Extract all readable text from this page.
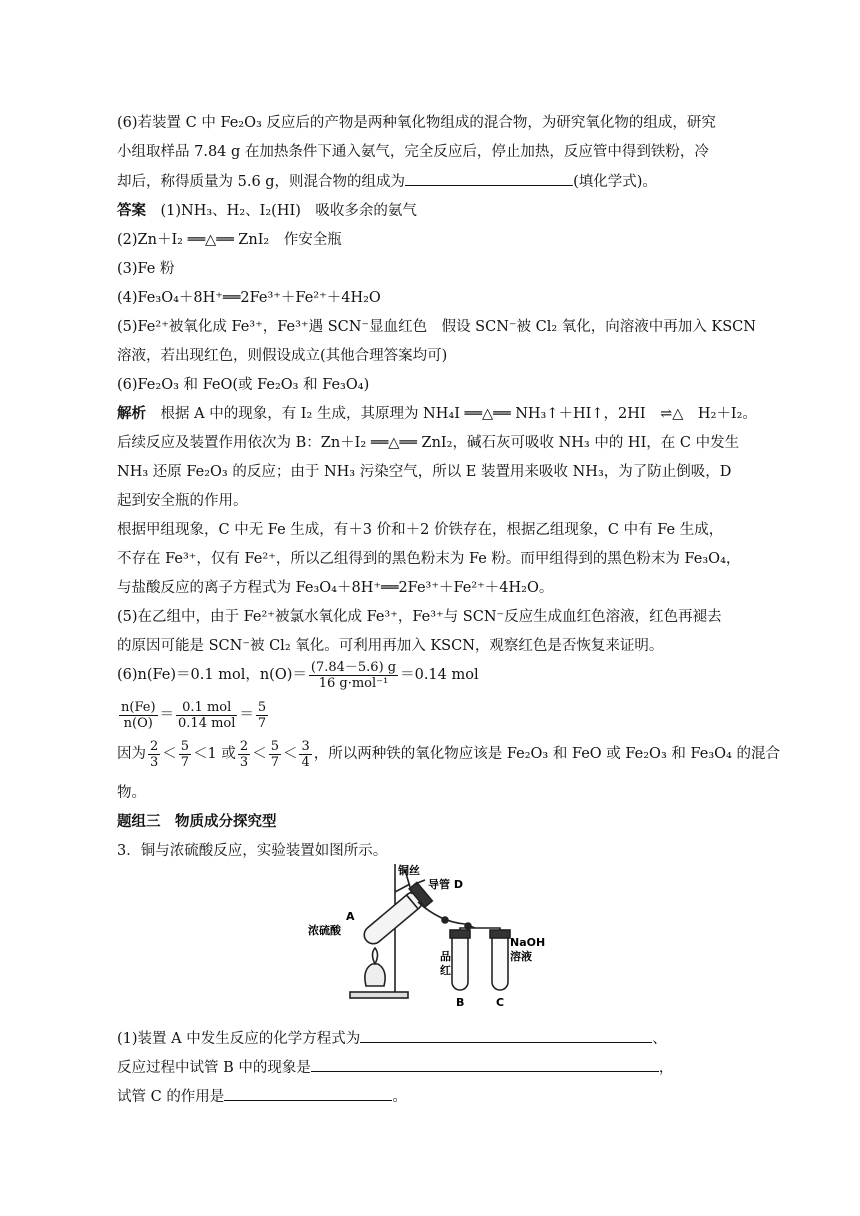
(6)若装置 C 中 Fe₂O₃ 反应后的产物是两种氧化物组成的混合物，为研究氧化物的组成，研究
小组取样品 7.84 g 在加热条件下通入氨气，完全反应后，停止加热，反应管中得到铁粉，冷
却后，称得质量为 5.6 g，则混合物的组成为	(填化学式)。
答案　 (1)NH₃、H₂、I₂(HI)　吸收多余的氨气
(2)Zn＋I₂ ══△══ ZnI₂　作安全瓶
(3)Fe 粉
(4)Fe₃O₄＋8H⁺══2Fe³⁺＋Fe²⁺＋4H₂O
(5)Fe²⁺被氧化成 Fe³⁺，Fe³⁺遇 SCN⁻显血红色　假设 SCN⁻被 Cl₂ 氧化，向溶液中再加入 KSCN
溶液，若出现红色，则假设成立(其他合理答案均可)
(6)Fe₂O₃ 和 FeO(或 Fe₂O₃ 和 Fe₃O₄)
解析　 根据 A 中的现象，有 I₂ 生成，其原理为 NH₄I ══△══ NH₃↑＋HI↑，2HI　⇌△　H₂＋I₂。
后续反应及装置作用依次为 B：Zn＋I₂ ══△══ ZnI₂，碱石灰可吸收 NH₃ 中的 HI，在 C 中发生
NH₃ 还原 Fe₂O₃ 的反应；由于 NH₃ 污染空气，所以 E 装置用来吸收 NH₃，为了防止倒吸，D
起到安全瓶的作用。
根据甲组现象，C 中无 Fe 生成，有＋3 价和＋2 价铁存在，根据乙组现象，C 中有 Fe 生成，
不存在 Fe³⁺，仅有 Fe²⁺，所以乙组得到的黑色粉末为 Fe 粉。而甲组得到的黑色粉末为 Fe₃O₄，
与盐酸反应的离子方程式为 Fe₃O₄＋8H⁺══2Fe³⁺＋Fe²⁺＋4H₂O。
(5)在乙组中，由于 Fe²⁺被氯水氧化成 Fe³⁺，Fe³⁺与 SCN⁻反应生成血红色溶液，红色再褪去
的原因可能是 SCN⁻被 Cl₂ 氧化。可利用再加入 KSCN，观察红色是否恢复来证明。
(6)n(Fe)＝0.1 mol，$n(O)= \frac{(7.84-5.6) g}{\text{16 g·mol⁻¹}} =0.14$ mol
$\frac{n(Fe)}{n(O)} = \frac{\text{0.1 mol}}{\text{0.14 mol}} = \frac{5}{7}$
因为 $\frac{2}{3} < \frac{5}{7} <1$ 或 $\frac{2}{3} < \frac{5}{7} < \frac{3}{4}$ ，所以两种铁的氧化物应该是 Fe₂O₃ 和 FeO 或 Fe₂O₃ 和 Fe₃O₄ 的混合
物。
题组三　物质成分探究型
3．铜与浓硫酸反应，实验装置如图所示。
铜丝
导管 D
A
浓硫酸
品
红
NaOH
溶液
B	C
(1)装置 A 中发生反应的化学方程式为	、
反应过程中试管 B 中的现象是	，
试管 C 的作用是	。
